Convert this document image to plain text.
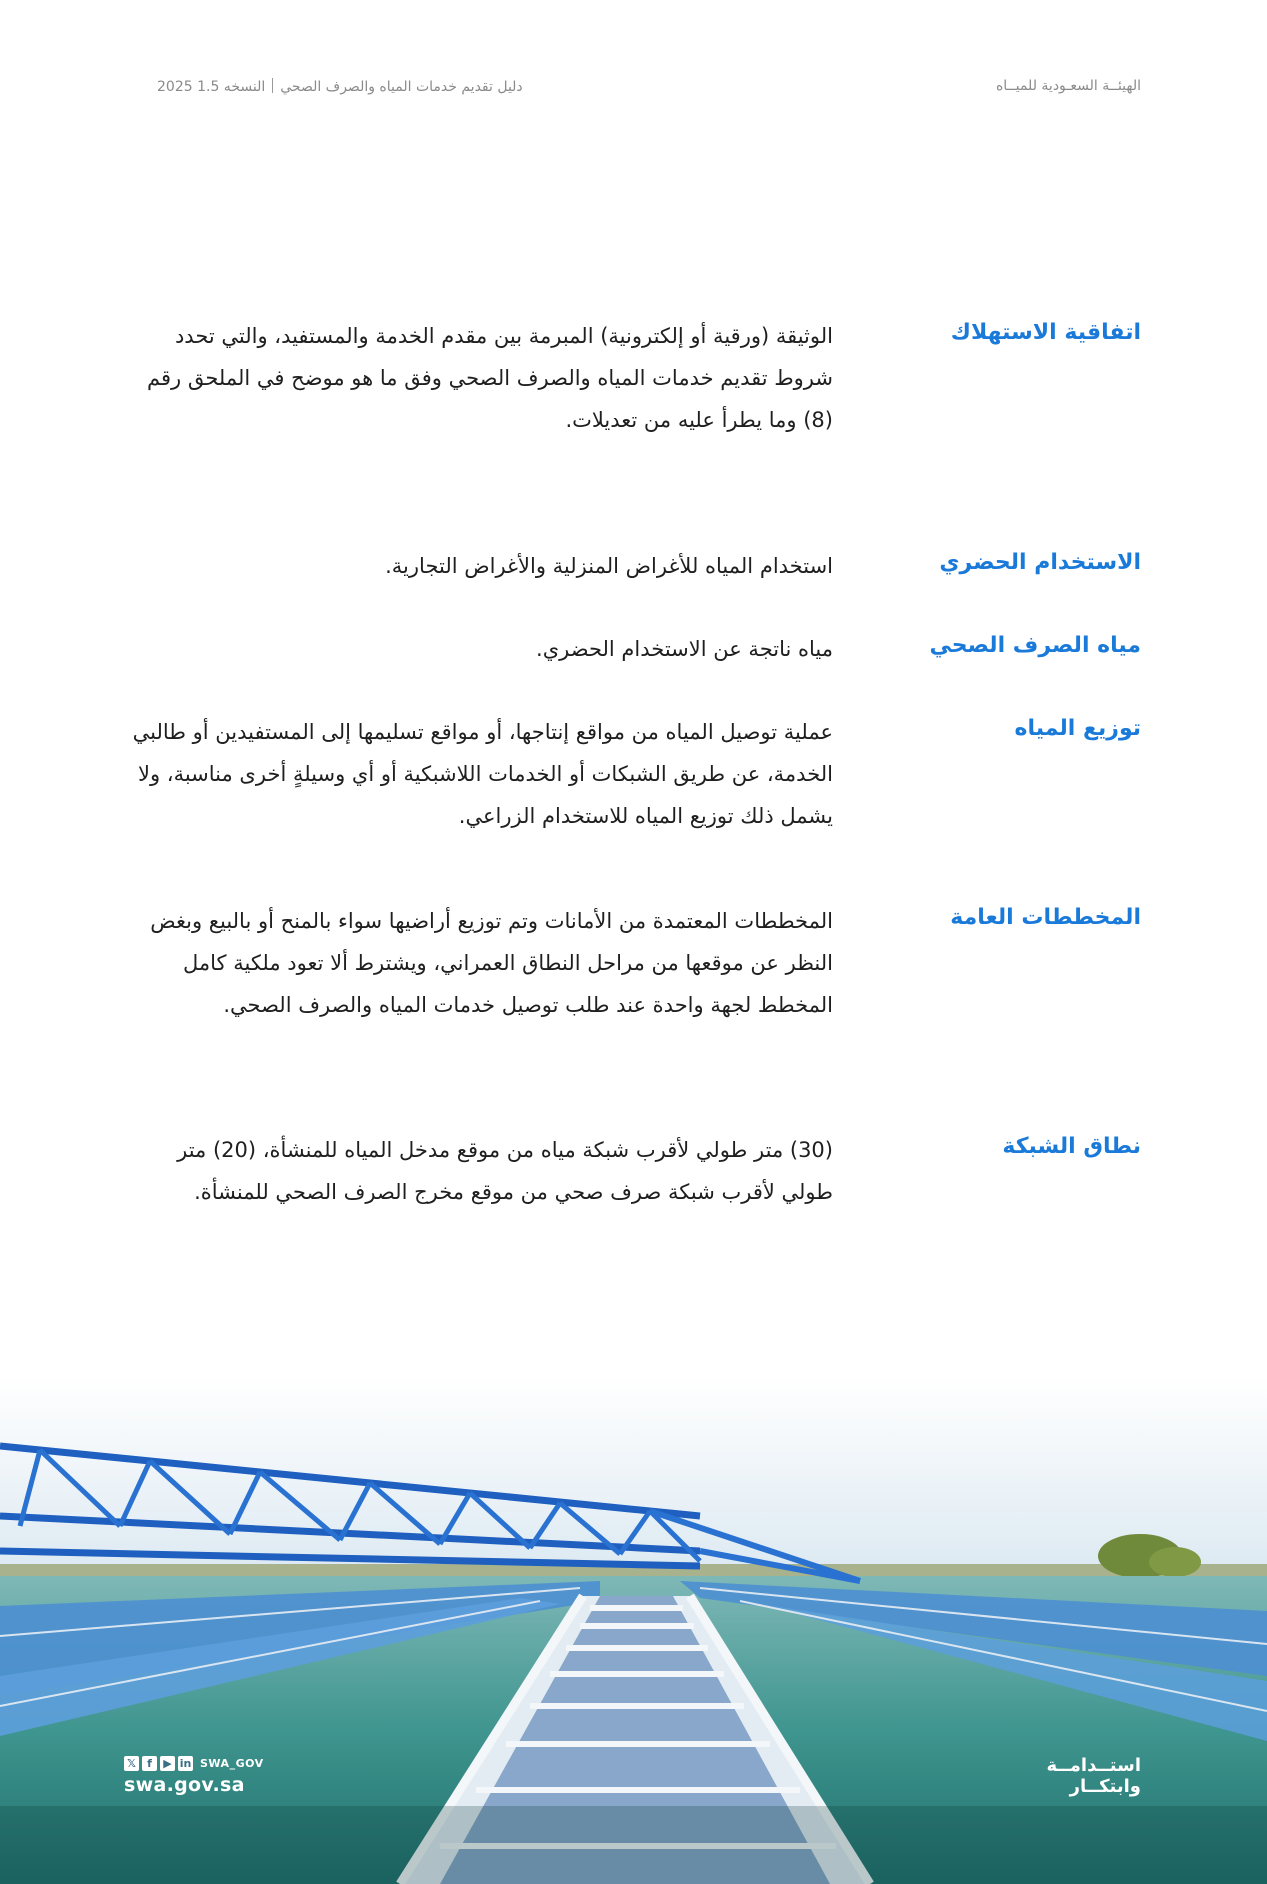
الهيئــة السعـودية للميــاه
دليل تقديم خدمات المياه والصرف الصحيالنسخه 1.5 2025
اتفاقية الاستهلاك
الوثيقة (ورقية أو إلكترونية) المبرمة بين مقدم الخدمة والمستفيد، والتي تحدد شروط تقديم خدمات المياه والصرف الصحي وفق ما هو موضح في الملحق رقم (8) وما يطرأ عليه من تعديلات.
الاستخدام الحضري
استخدام المياه للأغراض المنزلية والأغراض التجارية.
مياه الصرف الصحي
مياه ناتجة عن الاستخدام الحضري.
توزيع المياه
عملية توصيل المياه من مواقع إنتاجها، أو مواقع تسليمها إلى المستفيدين أو طالبي الخدمة، عن طريق الشبكات أو الخدمات اللاشبكية أو أي وسيلةٍ أخرى مناسبة، ولا يشمل ذلك توزيع المياه للاستخدام الزراعي.
المخططات العامة
المخططات المعتمدة من الأمانات وتم توزيع أراضيها سواء بالمنح أو بالبيع وبغض النظر عن موقعها من مراحل النطاق العمراني، ويشترط ألا تعود ملكية كامل المخطط لجهة واحدة عند طلب توصيل خدمات المياه والصرف الصحي.
نطاق الشبكة
(30) متر طولي لأقرب شبكة مياه من موقع مدخل المياه للمنشأة، (20) متر طولي لأقرب شبكة صرف صحي من موقع مخرج الصرف الصحي للمنشأة.
𝕏	f	▶ in SWA_GOV
swa.gov.sa
استــدامــة
وابتكــار
